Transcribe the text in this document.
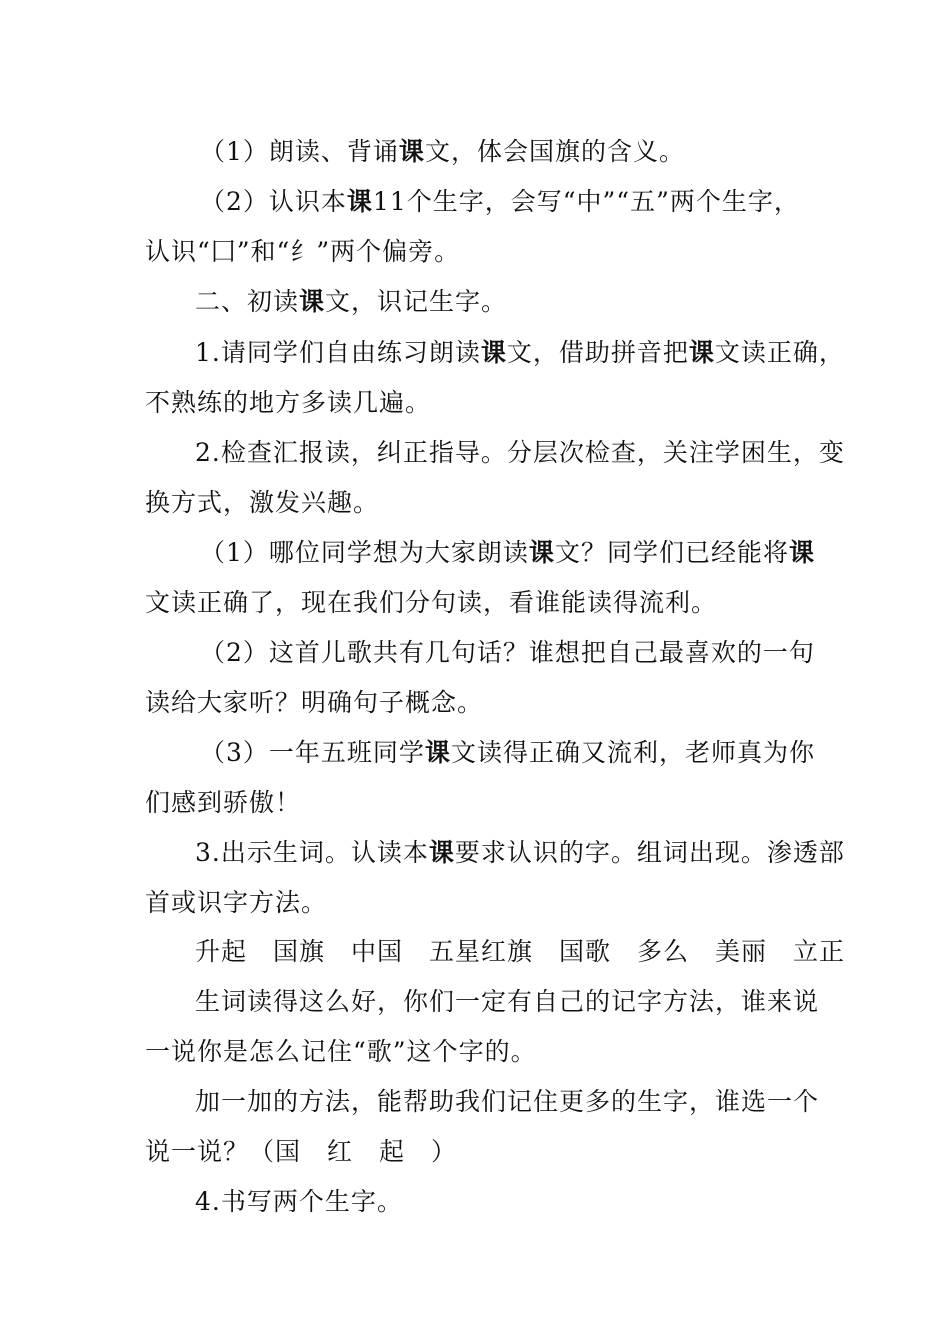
（1）朗读、背诵课文，体会国旗的含义。
（2）认识本课11个生字，会写“中”“五”两个生字，
认识“囗”和“纟”两个偏旁。
二、初读课文，识记生字。
1.请同学们自由练习朗读课文，借助拼音把课文读正确，
不熟练的地方多读几遍。
2.检查汇报读，纠正指导。分层次检查，关注学困生，变
换方式，激发兴趣。
（1）哪位同学想为大家朗读课文？同学们已经能将课
文读正确了，现在我们分句读，看谁能读得流利。
（2）这首儿歌共有几句话？谁想把自己最喜欢的一句
读给大家听？明确句子概念。
（3）一年五班同学课文读得正确又流利，老师真为你
们感到骄傲！
3.出示生词。认读本课要求认识的字。组词出现。渗透部
首或识字方法。
升起　国旗　中国　五星红旗　国歌　多么　美丽　立正
生词读得这么好，你们一定有自己的记字方法，谁来说
一说你是怎么记住“歌”这个字的。
加一加的方法，能帮助我们记住更多的生字，谁选一个
说一说？（国　红　起　）
4.书写两个生字。
